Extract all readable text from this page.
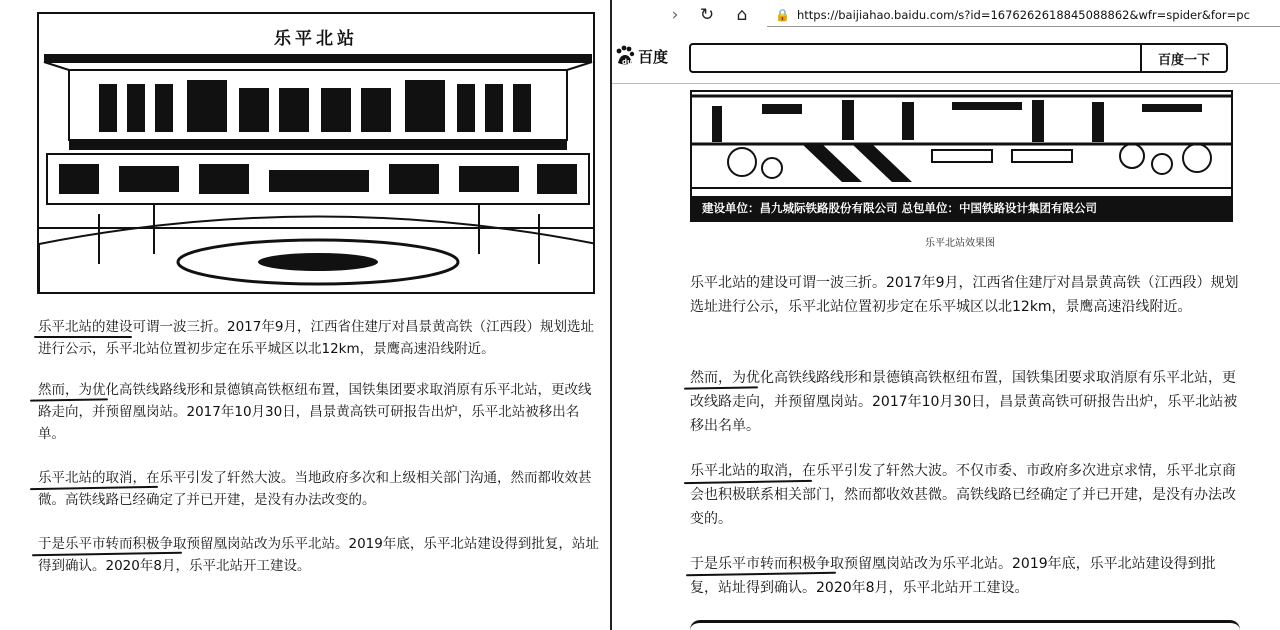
乐平北站
乐平北站的建设可谓一波三折。2017年9月，江西省住建厅对昌景黄高铁（江西段）规划选址进行公示，乐平北站位置初步定在乐平城区以北12km，景鹰高速沿线附近。
然而，为优化高铁线路线形和景德镇高铁枢纽布置，国铁集团要求取消原有乐平北站，更改线路走向，并预留凰岗站。2017年10月30日，昌景黄高铁可研报告出炉，乐平北站被移出名单。
乐平北站的取消，在乐平引发了轩然大波。当地政府多次和上级相关部门沟通，然而都收效甚微。高铁线路已经确定了并已开建，是没有办法改变的。
于是乐平市转而积极争取预留凰岗站改为乐平北站。2019年底，乐平北站建设得到批复，站址得到确认。2020年8月，乐平北站开工建设。
› ↻ ⌂ 🔒 https://baijiahao.baidu.com/s?id=1676262618845088862&wfr=spider&for=pc
du 百度	百度一下
建设单位：昌九城际铁路股份有限公司 总包单位：中国铁路设计集团有限公司
乐平北站效果图
乐平北站的建设可谓一波三折。2017年9月，江西省住建厅对昌景黄高铁（江西段）规划选址进行公示，乐平北站位置初步定在乐平城区以北12km，景鹰高速沿线附近。
然而，为优化高铁线路线形和景德镇高铁枢纽布置，国铁集团要求取消原有乐平北站，更改线路走向，并预留凰岗站。2017年10月30日，昌景黄高铁可研报告出炉，乐平北站被移出名单。
乐平北站的取消，在乐平引发了轩然大波。不仅市委、市政府多次进京求情，乐平北京商会也积极联系相关部门，然而都收效甚微。高铁线路已经确定了并已开建，是没有办法改变的。
于是乐平市转而积极争取预留凰岗站改为乐平北站。2019年底，乐平北站建设得到批复，站址得到确认。2020年8月，乐平北站开工建设。
